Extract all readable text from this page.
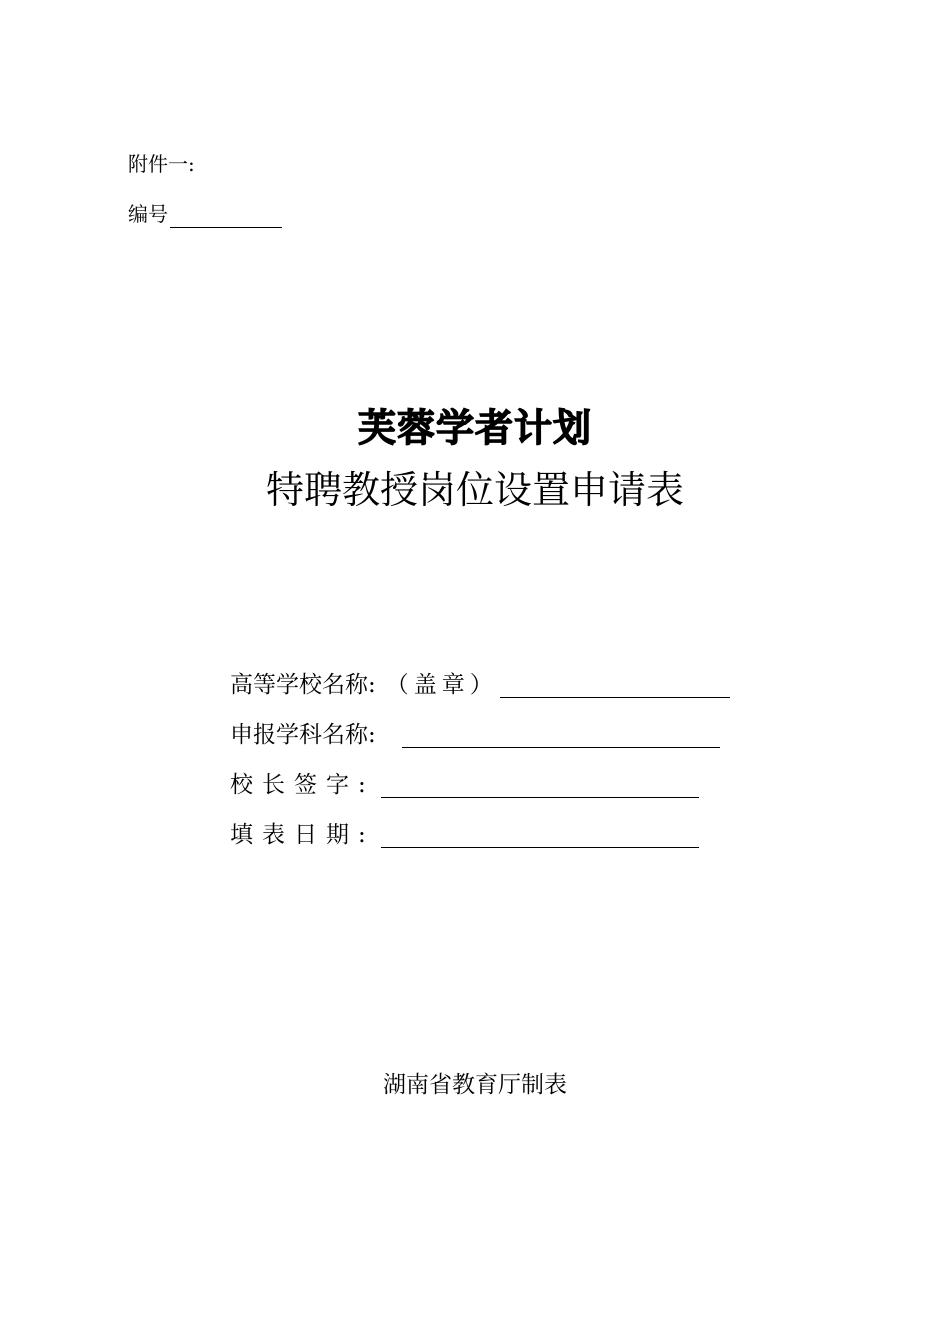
附件一:
编号
芙蓉学者计划
特聘教授岗位设置申请表
高等学校名称: （盖章）
申报学科名称:
校长签字:
填表日期:
湖南省教育厅制表
